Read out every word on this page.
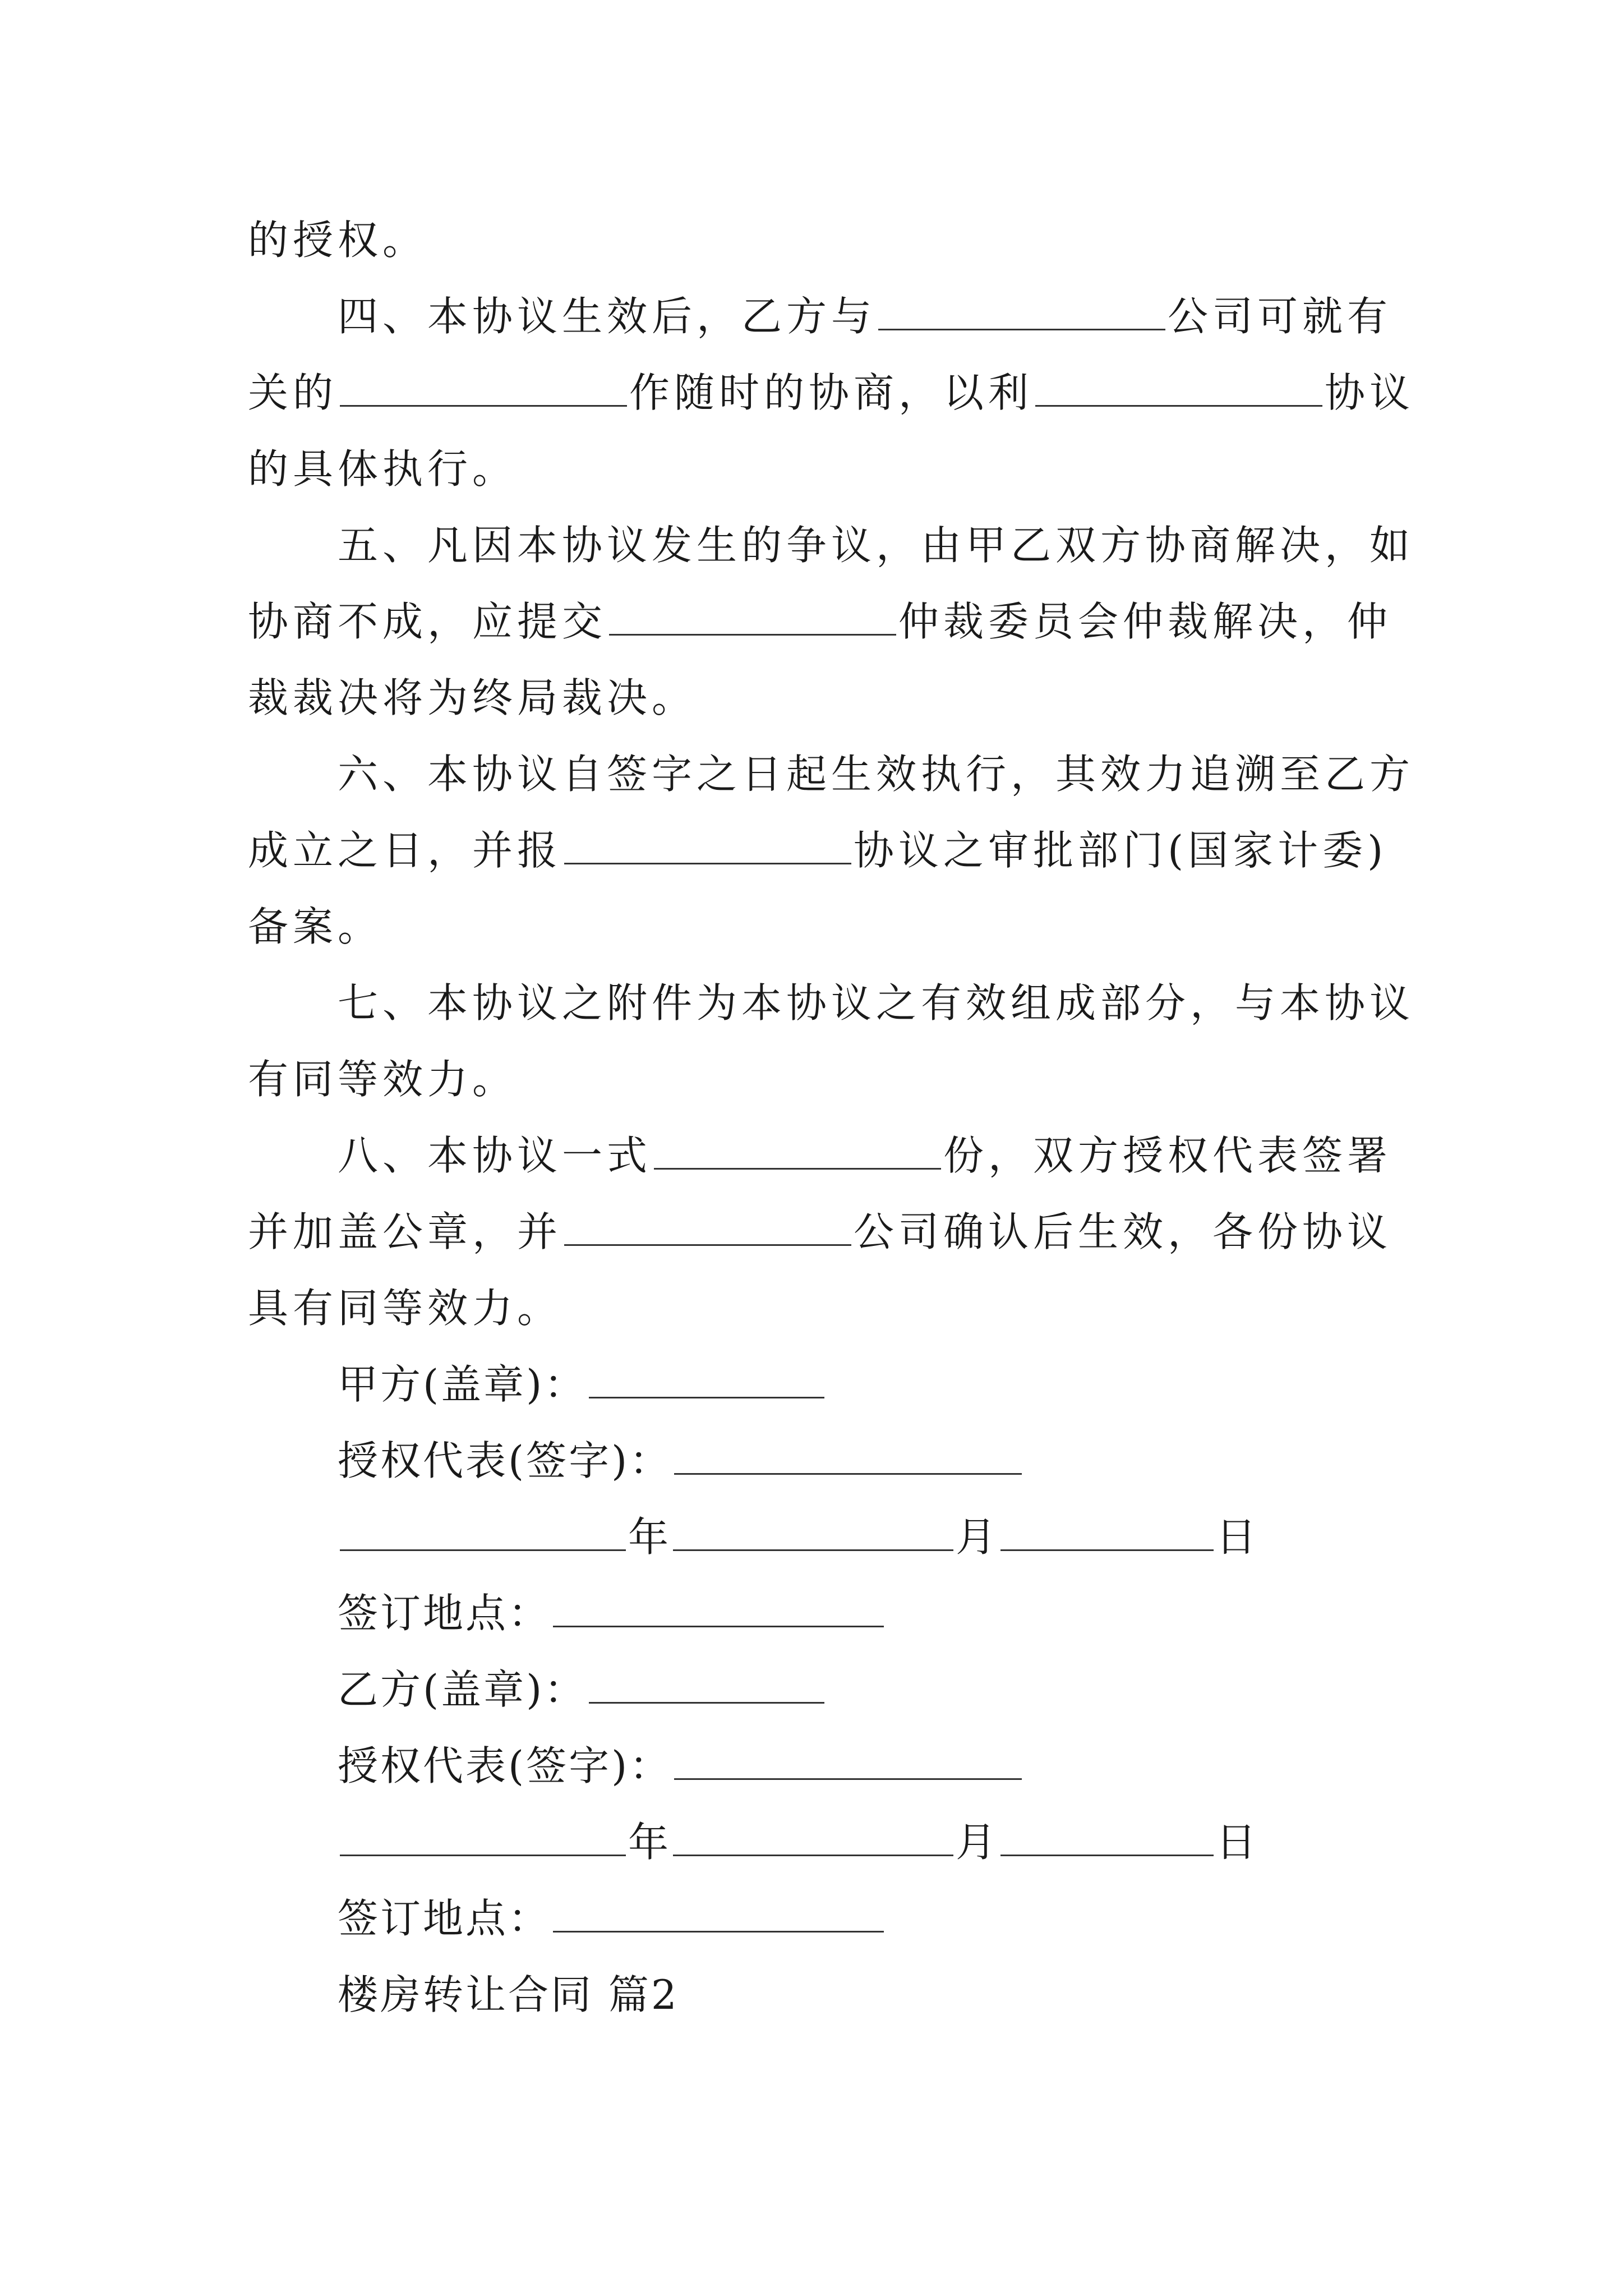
的授权。
四、本协议生效后，乙方与	公司可就有
关的	作随时的协商，以利	协议
的具体执行。
五、凡因本协议发生的争议，由甲乙双方协商解决，如
协商不成，应提交	仲裁委员会仲裁解决，仲
裁裁决将为终局裁决。
六、本协议自签字之日起生效执行，其效力追溯至乙方
成立之日，并报	协议之审批部门(国家计委)
备案。
七、本协议之附件为本协议之有效组成部分，与本协议
有同等效力。
八、本协议一式	份，双方授权代表签署
并加盖公章，并	公司确认后生效，各份协议
具有同等效力。
甲方(盖章)：
授权代表(签字)：
年	月	日
签订地点：
乙方(盖章)：
授权代表(签字)：
年	月	日
签订地点：
楼房转让合同 篇2
